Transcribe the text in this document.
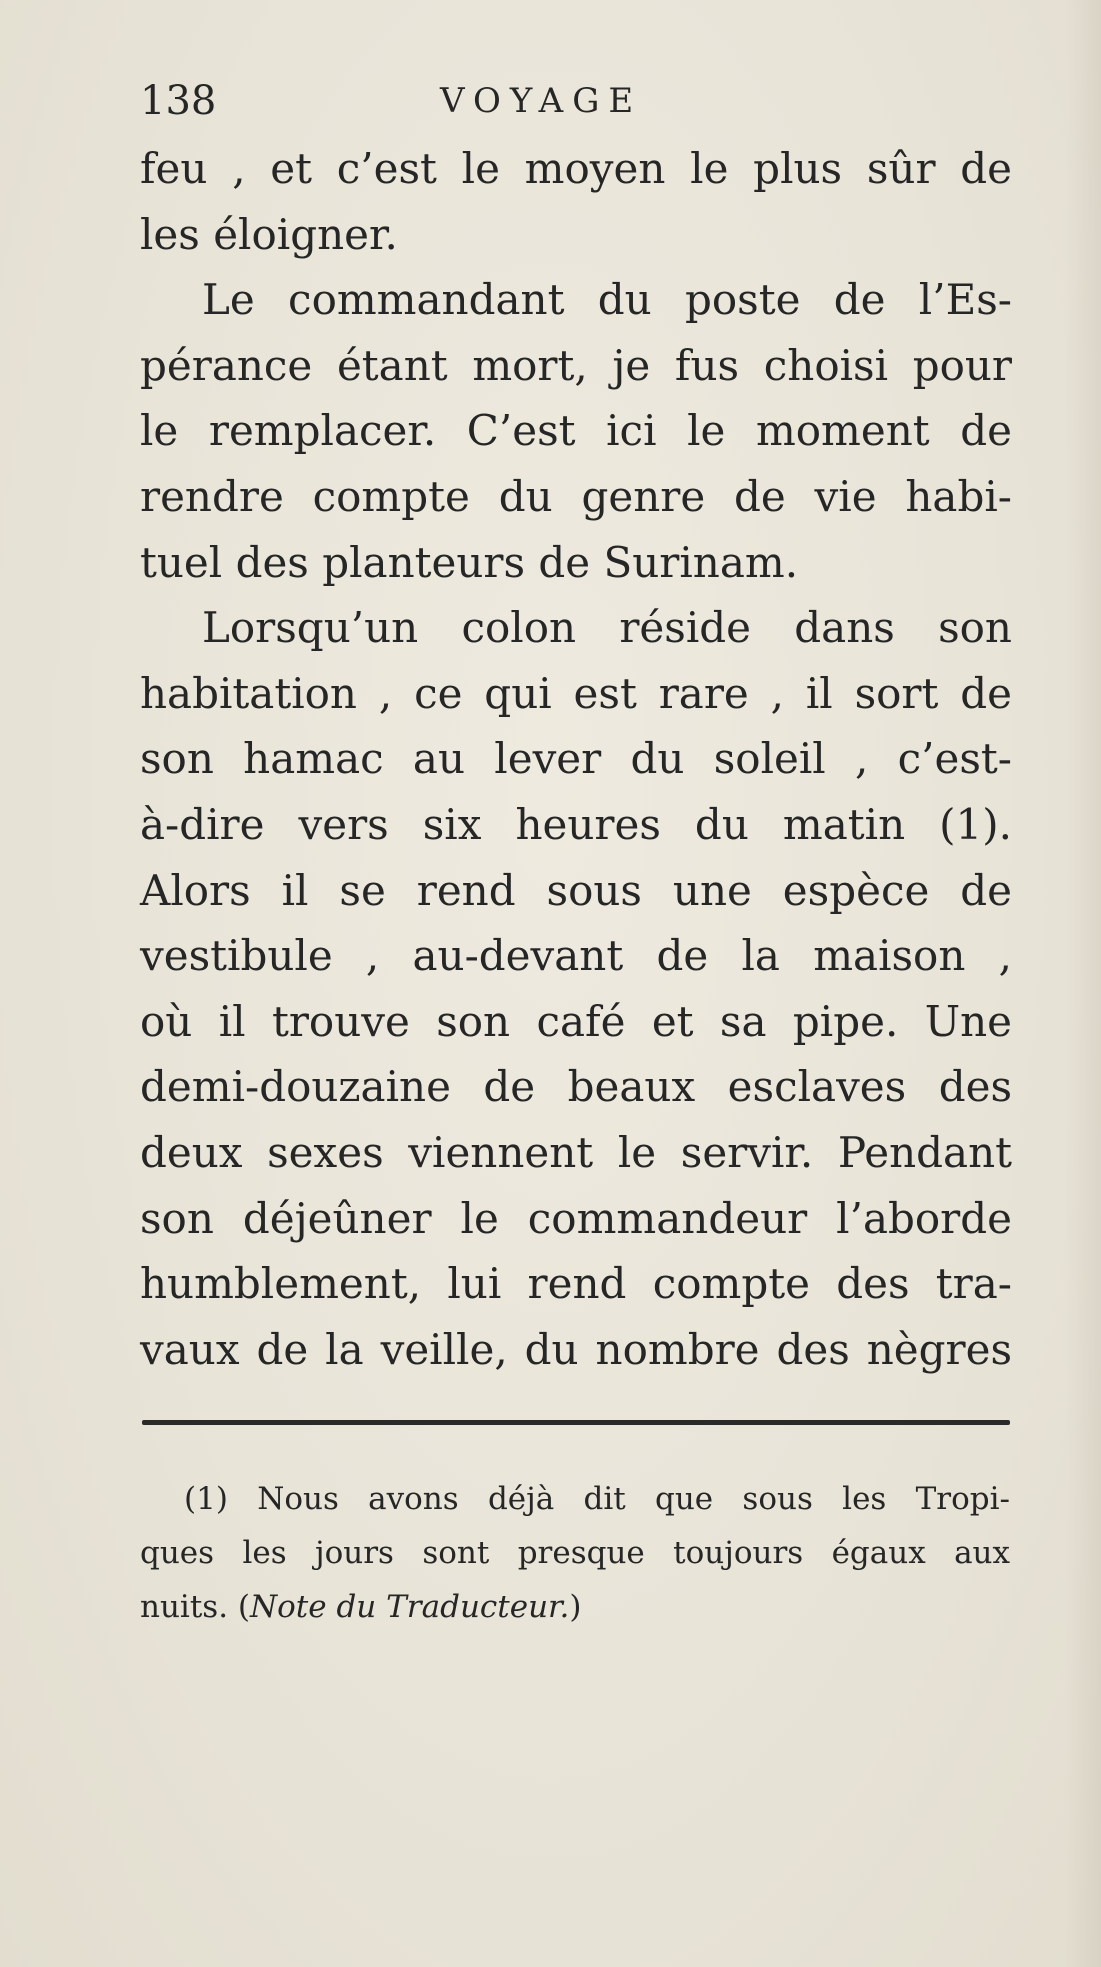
138	VOYAGE
feu , et c’est le moyen le plus sûr de
les éloigner.
Le commandant du poste de l’Es-
pérance étant mort, je fus choisi pour
le remplacer. C’est ici le moment de
rendre compte du genre de vie habi-
tuel des planteurs de Surinam.
Lorsqu’un colon réside dans son
habitation , ce qui est rare , il sort de
son hamac au lever du soleil , c’est-
à-dire vers six heures du matin (1).
Alors il se rend sous une espèce de
vestibule , au-devant de la maison ,
où il trouve son café et sa pipe. Une
demi-douzaine de beaux esclaves des
deux sexes viennent le servir. Pendant
son déjeûner le commandeur l’aborde
humblement, lui rend compte des tra-
vaux de la veille, du nombre des nègres
(1) Nous avons déjà dit que sous les Tropi-
ques les jours sont presque toujours égaux aux
nuits. (Note du Traducteur.)
